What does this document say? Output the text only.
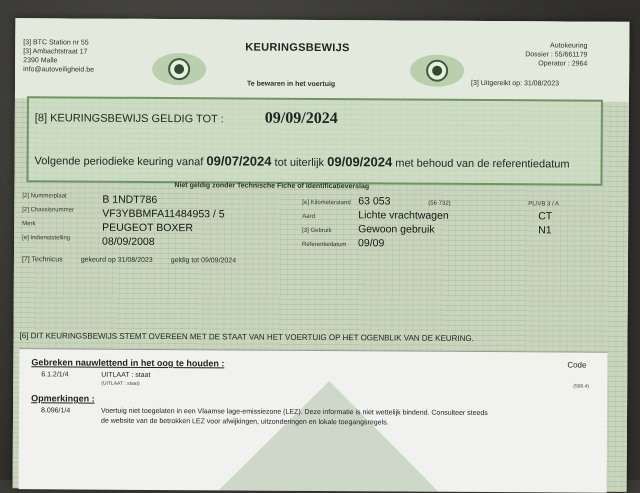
[3] BTC Station nr 55
[3] Ambachtstraat 17
2390 Malle
info@autoveiligheid.be
KEURINGSBEWIJS
Te bewaren in het voertuig
Autokeuring
Dossier : 55/661179
Operator : 2964
[3] Uitgereikt op: 31/08/2023
[8] KEURINGSBEWIJS GELDIG TOT :	09/09/2024
Volgende periodieke keuring vanaf 09/07/2024 tot uiterlijk 09/09/2024 met behoud van de referentiedatum
Niet geldig zonder Technische Fiche of Identificatieverslag
[2] Nummerplaat	B 1NDT786
[2] Chassisnummer	VF3YBBMFA11484953 / 5
Merk	PEUGEOT BOXER
[e] Indienststelling	08/09/2008
[e] Kilometerstand 63 053	(56 732)	PL/VB 3 / A
Aard	Lichte vrachtwagen	CT
[3] Gebruik	Gewoon gebruik	N1
Referentiedatum	09/09
[7] Technicus	gekeurd op 31/08/2023	geldig tot 09/09/2024
[6] DIT KEURINGSBEWIJS STEMT OVEREEN MET DE STAAT VAN HET VOERTUIG OP HET OGENBLIK VAN DE KEURING.
Gebreken nauwlettend in het oog te houden :	Code
6.1.2/1/4	UITLAAT : staat
(UITLAAT : staat)	(506.4)
Opmerkingen :
8.096/1/4	Voertuig niet toegelaten in een Vlaamse lage-emissiezone (LEZ). Deze informatie is niet wettelijk bindend. Consulteer steeds
de website van de betrokken LEZ voor afwijkingen, uitzonderingen en lokale toegangsregels.
